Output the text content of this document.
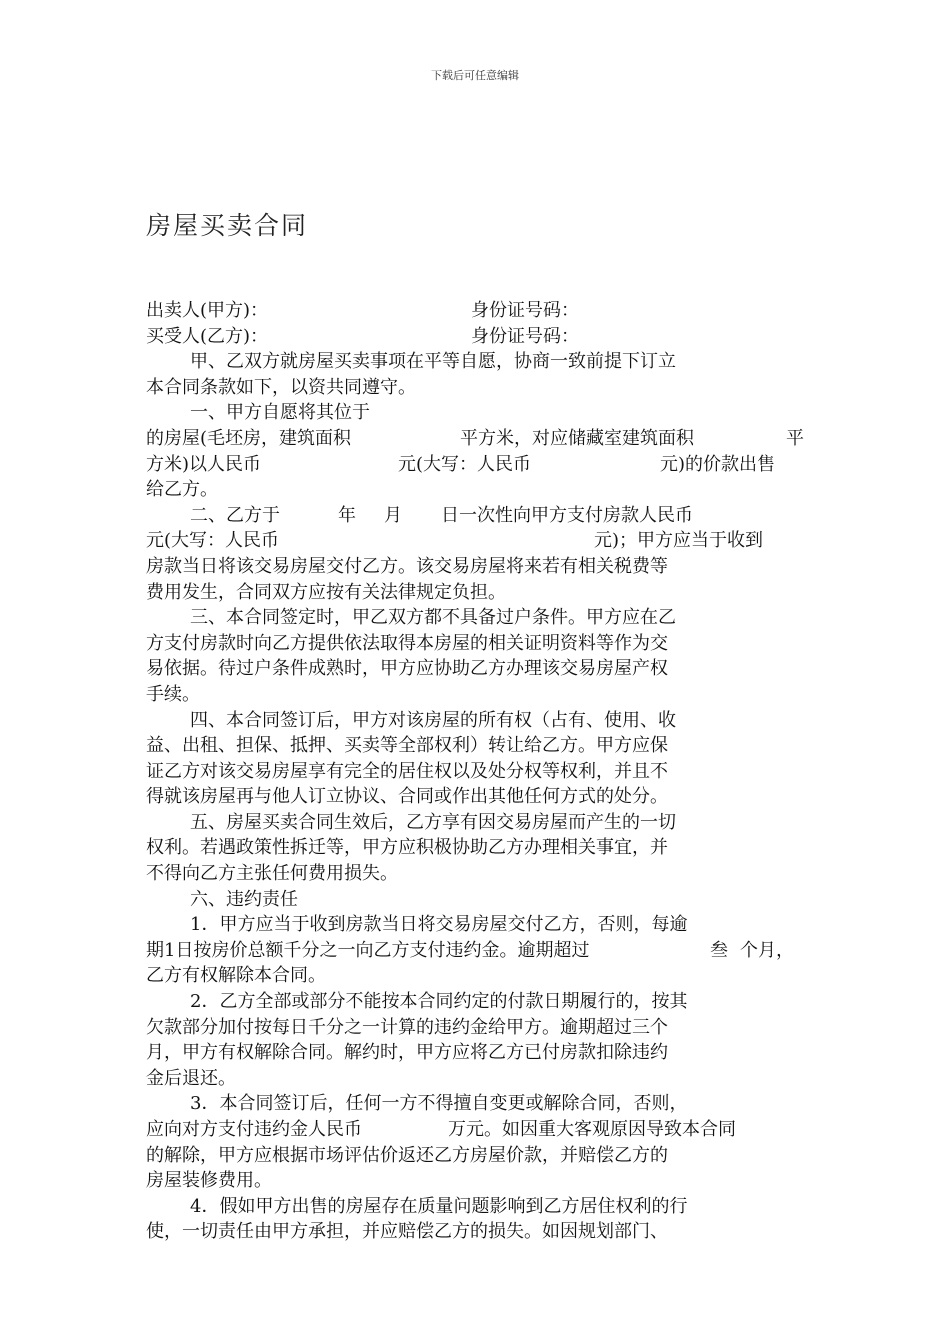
下载后可任意编辑
房屋买卖合同
出卖人(甲方)：	身份证号码：
买受人(乙方)：	身份证号码：
甲、乙双方就房屋买卖事项在平等自愿，协商一致前提下订立
本合同条款如下，以资共同遵守。
一、甲方自愿将其位于
的房屋(毛坯房，建筑面积	平方米，对应储藏室建筑面积	平
方米)以人民币	元(大写：人民币	元)的价款出售
给乙方。
二、乙方于	年	月	日一次性向甲方支付房款人民币
元(大写：人民币	元)；甲方应当于收到
房款当日将该交易房屋交付乙方。该交易房屋将来若有相关税费等
费用发生，合同双方应按有关法律规定负担。
三、本合同签定时，甲乙双方都不具备过户条件。甲方应在乙
方支付房款时向乙方提供依法取得本房屋的相关证明资料等作为交
易依据。待过户条件成熟时，甲方应协助乙方办理该交易房屋产权
手续。
四、本合同签订后，甲方对该房屋的所有权（占有、使用、收
益、出租、担保、抵押、买卖等全部权利）转让给乙方。甲方应保
证乙方对该交易房屋享有完全的居住权以及处分权等权利，并且不
得就该房屋再与他人订立协议、合同或作出其他任何方式的处分。
五、房屋买卖合同生效后，乙方享有因交易房屋而产生的一切
权利。若遇政策性拆迁等，甲方应积极协助乙方办理相关事宜，并
不得向乙方主张任何费用损失。
六、违约责任
1．甲方应当于收到房款当日将交易房屋交付乙方，否则，每逾
期1日按房价总额千分之一向乙方支付违约金。逾期超过	叁 个月，
乙方有权解除本合同。
2．乙方全部或部分不能按本合同约定的付款日期履行的，按其
欠款部分加付按每日千分之一计算的违约金给甲方。逾期超过三个
月，甲方有权解除合同。解约时，甲方应将乙方已付房款扣除违约
金后退还。
3．本合同签订后，任何一方不得擅自变更或解除合同，否则，
应向对方支付违约金人民币	万元。如因重大客观原因导致本合同
的解除，甲方应根据市场评估价返还乙方房屋价款，并赔偿乙方的
房屋装修费用。
4．假如甲方出售的房屋存在质量问题影响到乙方居住权利的行
使，一切责任由甲方承担，并应赔偿乙方的损失。如因规划部门、
